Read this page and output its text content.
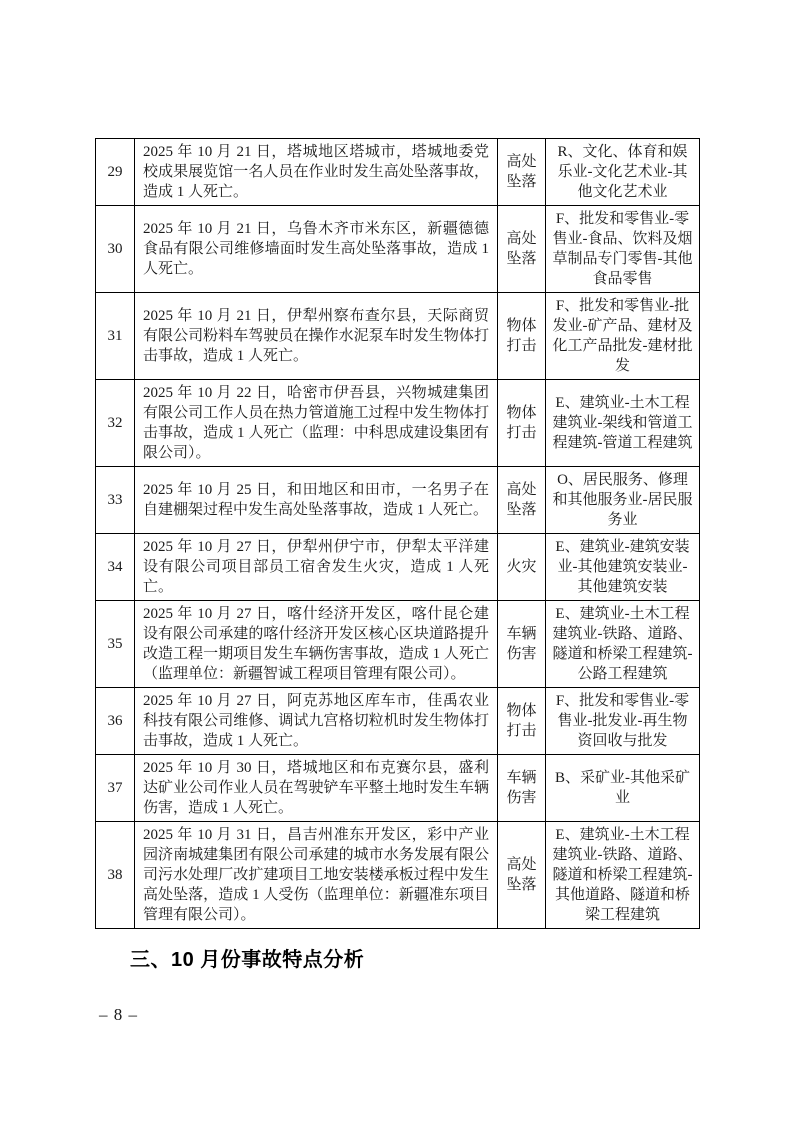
29	2025 年 10 月 21 日，塔城地区塔城市，塔城地委党校成果展览馆一名人员在作业时发生高处坠落事故，造成 1 人死亡。	高处坠落	R、文化、体育和娱乐业-文化艺术业-其他文化艺术业
30	2025 年 10 月 21 日，乌鲁木齐市米东区，新疆德德食品有限公司维修墙面时发生高处坠落事故，造成 1 人死亡。	高处坠落	F、批发和零售业-零售业-食品、饮料及烟草制品专门零售-其他食品零售
31	2025 年 10 月 21 日，伊犁州察布查尔县，天际商贸有限公司粉料车驾驶员在操作水泥泵车时发生物体打击事故，造成 1 人死亡。	物体打击	F、批发和零售业-批发业-矿产品、建材及化工产品批发-建材批发
32	2025 年 10 月 22 日，哈密市伊吾县，兴物城建集团有限公司工作人员在热力管道施工过程中发生物体打击事故，造成 1 人死亡（监理：中科思成建设集团有限公司）。	物体打击	E、建筑业-土木工程建筑业-架线和管道工程建筑-管道工程建筑
33	2025 年 10 月 25 日，和田地区和田市，一名男子在自建棚架过程中发生高处坠落事故，造成 1 人死亡。	高处坠落	O、居民服务、修理和其他服务业-居民服务业
34	2025 年 10 月 27 日，伊犁州伊宁市，伊犁太平洋建设有限公司项目部员工宿舍发生火灾，造成 1 人死亡。	火灾	E、建筑业-建筑安装业-其他建筑安装业-其他建筑安装
35	2025 年 10 月 27 日，喀什经济开发区，喀什昆仑建设有限公司承建的喀什经济开发区核心区块道路提升改造工程一期项目发生车辆伤害事故，造成 1 人死亡（监理单位：新疆智诚工程项目管理有限公司）。	车辆伤害	E、建筑业-土木工程建筑业-铁路、道路、隧道和桥梁工程建筑-公路工程建筑
36	2025 年 10 月 27 日，阿克苏地区库车市，佳禹农业科技有限公司维修、调试九宫格切粒机时发生物体打击事故，造成 1 人死亡。	物体打击	F、批发和零售业-零售业-批发业-再生物资回收与批发
37	2025 年 10 月 30 日，塔城地区和布克赛尔县，盛利达矿业公司作业人员在驾驶铲车平整土地时发生车辆伤害，造成 1 人死亡。	车辆伤害	B、采矿业-其他采矿业
38	2025 年 10 月 31 日，昌吉州准东开发区，彩中产业园济南城建集团有限公司承建的城市水务发展有限公司污水处理厂改扩建项目工地安装楼承板过程中发生高处坠落，造成 1 人受伤（监理单位：新疆准东项目管理有限公司）。	高处坠落	E、建筑业-土木工程建筑业-铁路、道路、隧道和桥梁工程建筑-其他道路、隧道和桥梁工程建筑
三、10 月份事故特点分析
– 8 –
